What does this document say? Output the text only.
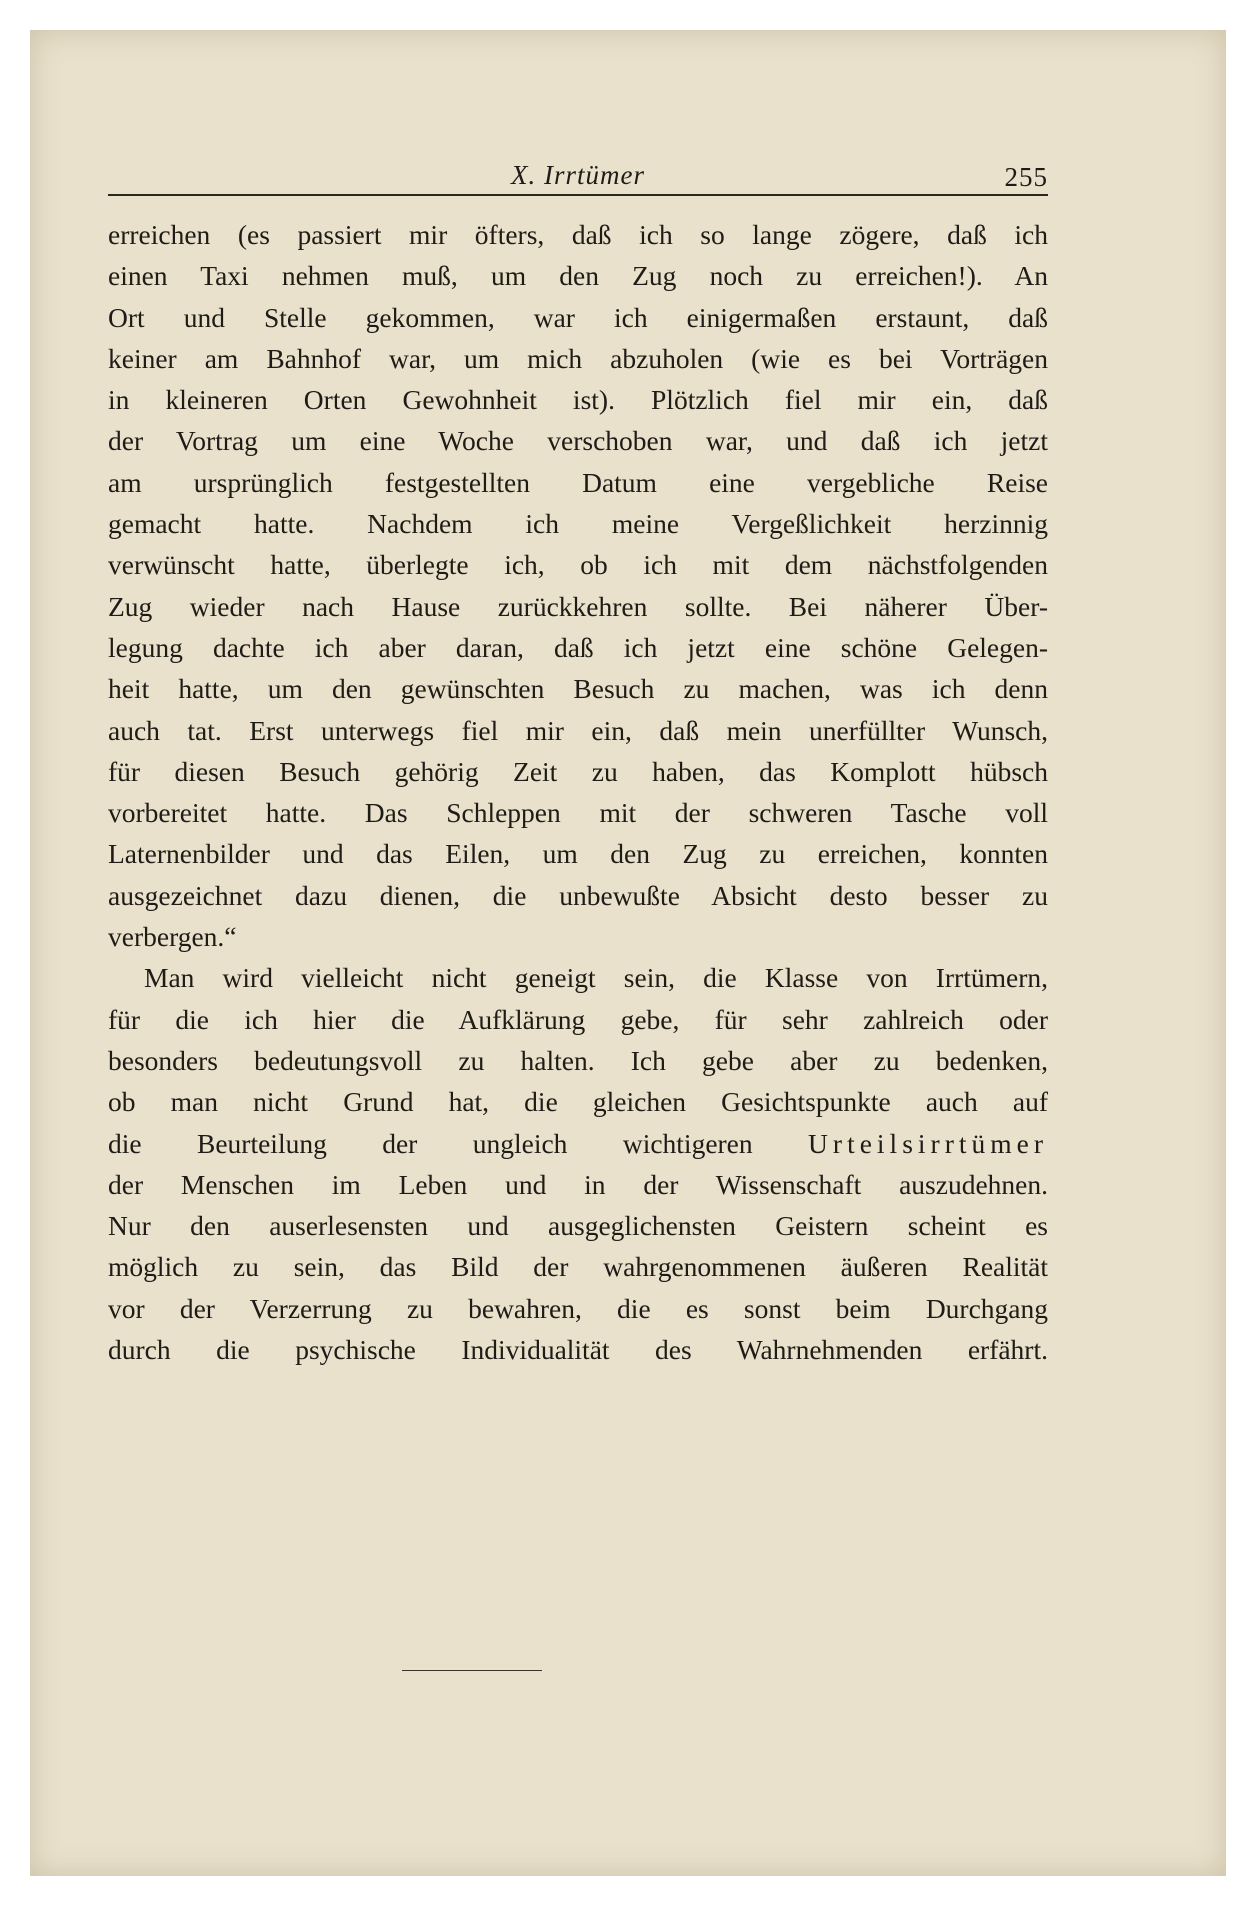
X. Irrtümer	255
erreichen (es passiert mir öfters, daß ich so lange zögere, daß ich
einen Taxi nehmen muß, um den Zug noch zu erreichen!). An
Ort und Stelle gekommen, war ich einigermaßen erstaunt, daß
keiner am Bahnhof war, um mich abzuholen (wie es bei Vorträgen
in kleineren Orten Gewohnheit ist). Plötzlich fiel mir ein, daß
der Vortrag um eine Woche verschoben war, und daß ich jetzt
am ursprünglich festgestellten Datum eine vergebliche Reise
gemacht hatte. Nachdem ich meine Vergeßlichkeit herzinnig
verwünscht hatte, überlegte ich, ob ich mit dem nächstfolgenden
Zug wieder nach Hause zurückkehren sollte. Bei näherer Über-
legung dachte ich aber daran, daß ich jetzt eine schöne Gelegen-
heit hatte, um den gewünschten Besuch zu machen, was ich denn
auch tat. Erst unterwegs fiel mir ein, daß mein unerfüllter Wunsch,
für diesen Besuch gehörig Zeit zu haben, das Komplott hübsch
vorbereitet hatte. Das Schleppen mit der schweren Tasche voll
Laternenbilder und das Eilen, um den Zug zu erreichen, konnten
ausgezeichnet dazu dienen, die unbewußte Absicht desto besser zu
verbergen.“
Man wird vielleicht nicht geneigt sein, die Klasse von Irrtümern,
für die ich hier die Aufklärung gebe, für sehr zahlreich oder
besonders bedeutungsvoll zu halten. Ich gebe aber zu bedenken,
ob man nicht Grund hat, die gleichen Gesichtspunkte auch auf
die Beurteilung der ungleich wichtigeren Urteilsirrtümer
der Menschen im Leben und in der Wissenschaft auszudehnen.
Nur den auserlesensten und ausgeglichensten Geistern scheint es
möglich zu sein, das Bild der wahrgenommenen äußeren Realität
vor der Verzerrung zu bewahren, die es sonst beim Durchgang
durch die psychische Individualität des Wahrnehmenden erfährt.
